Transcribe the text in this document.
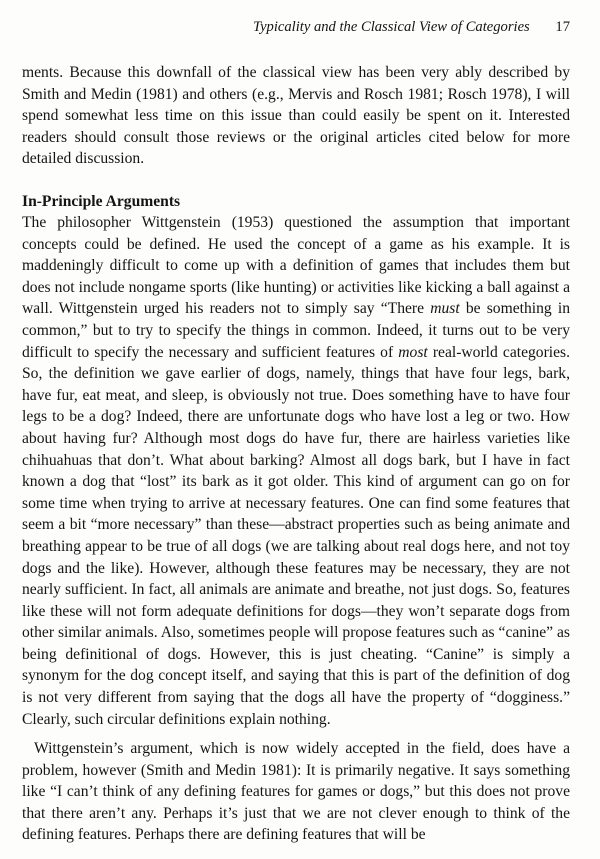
Typicality and the Classical View of Categories 17

ments. Because this downfall of the classical view has been very ably described by Smith and Medin (1981) and others (e.g., Mervis and Rosch 1981; Rosch 1978), I will spend somewhat less time on this issue than could easily be spent on it. Interested readers should consult those reviews or the original articles cited below for more detailed discussion.

In-Principle Arguments

The philosopher Wittgenstein (1953) questioned the assumption that important concepts could be defined. He used the concept of a game as his example. It is maddeningly difficult to come up with a definition of games that includes them but does not include nongame sports (like hunting) or activities like kicking a ball against a wall. Wittgenstein urged his readers not to simply say “There must be something in common,” but to try to specify the things in common. Indeed, it turns out to be very difficult to specify the necessary and sufficient features of most real-world categories. So, the definition we gave earlier of dogs, namely, things that have four legs, bark, have fur, eat meat, and sleep, is obviously not true. Does something have to have four legs to be a dog? Indeed, there are unfortunate dogs who have lost a leg or two. How about having fur? Although most dogs do have fur, there are hairless varieties like chihuahuas that don’t. What about barking? Almost all dogs bark, but I have in fact known a dog that “lost” its bark as it got older. This kind of argument can go on for some time when trying to arrive at necessary features. One can find some features that seem a bit “more necessary” than these—abstract properties such as being animate and breathing appear to be true of all dogs (we are talking about real dogs here, and not toy dogs and the like). However, although these features may be necessary, they are not nearly sufficient. In fact, all animals are animate and breathe, not just dogs. So, features like these will not form adequate definitions for dogs—they won’t separate dogs from other similar animals. Also, sometimes people will propose features such as “canine” as being definitional of dogs. However, this is just cheating. “Canine” is simply a synonym for the dog concept itself, and saying that this is part of the definition of dog is not very different from saying that the dogs all have the property of “dogginess.” Clearly, such circular definitions explain nothing.

Wittgenstein’s argument, which is now widely accepted in the field, does have a problem, however (Smith and Medin 1981): It is primarily negative. It says something like “I can’t think of any defining features for games or dogs,” but this does not prove that there aren’t any. Perhaps it’s just that we are not clever enough to think of the defining features. Perhaps there are defining features that will be
